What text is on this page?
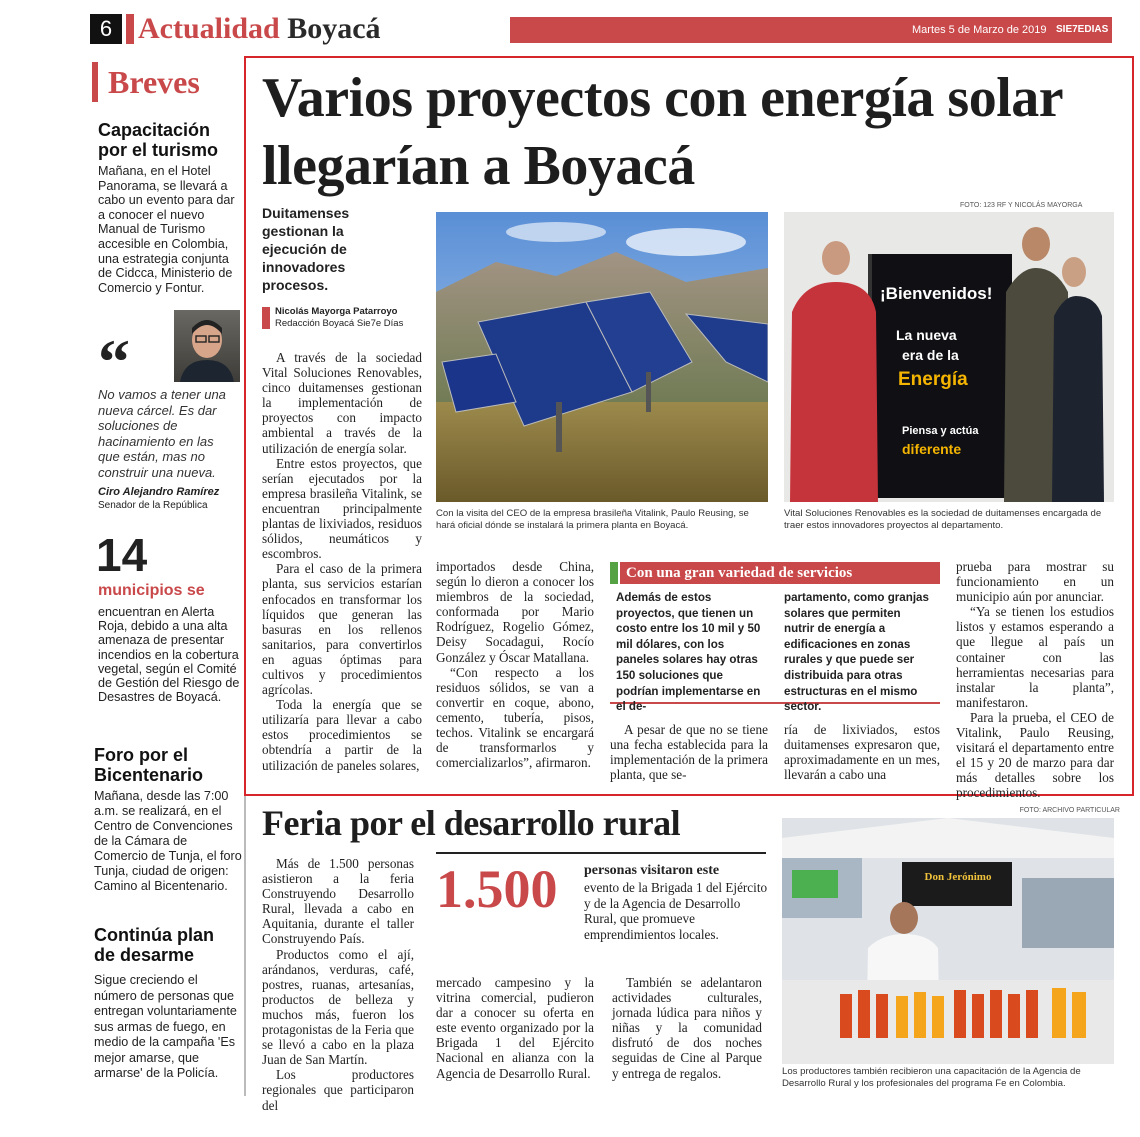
6 Actualidad Boyacá	Martes 5 de Marzo de 2019 SIE7EDIAS
Breves
Capacitación por el turismo
Mañana, en el Hotel Panorama, se llevará a cabo un evento para dar a conocer el nuevo Manual de Turismo accesible en Colombia, una estrategia conjunta de Cidcca, Ministerio de Comercio y Fontur.
“
No vamos a tener una nueva cárcel. Es dar soluciones de hacinamiento en las que están, mas no construir una nueva.
Ciro Alejandro Ramírez
Senador de la República
14
municipios se
encuentran en Alerta Roja, debido a una alta amenaza de presentar incendios en la cobertura vegetal, según el Comité de Gestión del Riesgo de Desastres de Boyacá.
Foro por el Bicentenario
Mañana, desde las 7:00 a.m. se realizará, en el Centro de Convenciones de la Cámara de Comercio de Tunja, el foro Tunja, ciudad de origen: Camino al Bicentenario.
Continúa plan de desarme
Sigue creciendo el número de personas que entregan voluntariamente sus armas de fuego, en medio de la campaña 'Es mejor amarse, que armarse' de la Policía.
Varios proyectos con energía solar llegarían a Boyacá
FOTO: 123 RF Y NICOLÁS MAYORGA
Duitamenses gestionan la ejecución de innovadores procesos.
Nicolás Mayorga Patarroyo
Redacción Boyacá Sie7e Días

A través de la sociedad Vital Soluciones Renovables, cinco duitamenses gestionan la implementación de proyectos con impacto ambiental a través de la utilización de energía solar.

Entre estos proyectos, que serían ejecutados por la empresa brasileña Vitalink, se encuentran principalmente plantas de lixiviados, residuos sólidos, neumáticos y escombros.

Para el caso de la primera planta, sus servicios estarían enfocados en transformar los líquidos que generan las basuras en los rellenos sanitarios, para convertirlos en aguas óptimas para cultivos y procedimientos agrícolas.

Toda la energía que se utilizaría para llevar a cabo estos procedimientos se obtendría a partir de la utilización de paneles solares,

¡Bienvenidos!
La nueva
era de la
Energía
Piensa y actúa
diferente
Con la visita del CEO de la empresa brasileña Vitalink, Paulo Reusing, se hará oficial dónde se instalará la primera planta en Boyacá.
Vital Soluciones Renovables es la sociedad de duitamenses encargada de traer estos innovadores proyectos al departamento.

importados desde China, según lo dieron a conocer los miembros de la sociedad, conformada por Mario Rodríguez, Rogelio Gómez, Deisy Socadagui, Rocío González y Óscar Matallana.

“Con respecto a los residuos sólidos, se van a convertir en coque, abono, cemento, tubería, pisos, techos. Vitalink se encargará de transformarlos y comercializarlos”, afirmaron.

Con una gran variedad de servicios
Además de estos proyectos, que tienen un costo entre los 10 mil y 50 mil dólares, con los paneles solares hay otras 150 soluciones que podrían implementarse en el de-
partamento, como granjas solares que permiten nutrir de energía a edificaciones en zonas rurales y que puede ser distribuida para otras estructuras en el mismo sector.

A pesar de que no se tiene una fecha establecida para la implementación de la primera planta, que se-

ría de lixiviados, estos duitamenses expresaron que, aproximadamente en un mes, llevarán a cabo una

prueba para mostrar su funcionamiento en un municipio aún por anunciar.

“Ya se tienen los estudios listos y estamos esperando a que llegue al país un container con las herramientas necesarias para instalar la planta”, manifestaron.

Para la prueba, el CEO de Vitalink, Paulo Reusing, visitará el departamento entre el 15 y 20 de marzo para dar más detalles sobre los procedimientos.

Feria por el desarrollo rural	FOTO: ARCHIVO PARTICULAR

Más de 1.500 personas asistieron a la feria Construyendo Desarrollo Rural, llevada a cabo en Aquitania, durante el taller Construyendo País.

Productos como el ají, arándanos, verduras, café, postres, ruanas, artesanías, productos de belleza y muchos más, fueron los protagonistas de la Feria que se llevó a cabo en la plaza Juan de San Martín.

Los productores regionales que participaron del

1.500 personas visitaron este
evento de la Brigada 1 del Ejército y de la Agencia de Desarrollo Rural, que promueve emprendimientos locales.

mercado campesino y la vitrina comercial, pudieron dar a conocer su oferta en este evento organizado por la Brigada 1 del Ejército Nacional en alianza con la Agencia de Desarrollo Rural.

También se adelantaron actividades culturales, jornada lúdica para niños y niñas y la comunidad disfrutó de dos noches seguidas de Cine al Parque y entrega de regalos.

Don Jerónimo
Los productores también recibieron una capacitación de la Agencia de Desarrollo Rural y los profesionales del programa Fe en Colombia.
